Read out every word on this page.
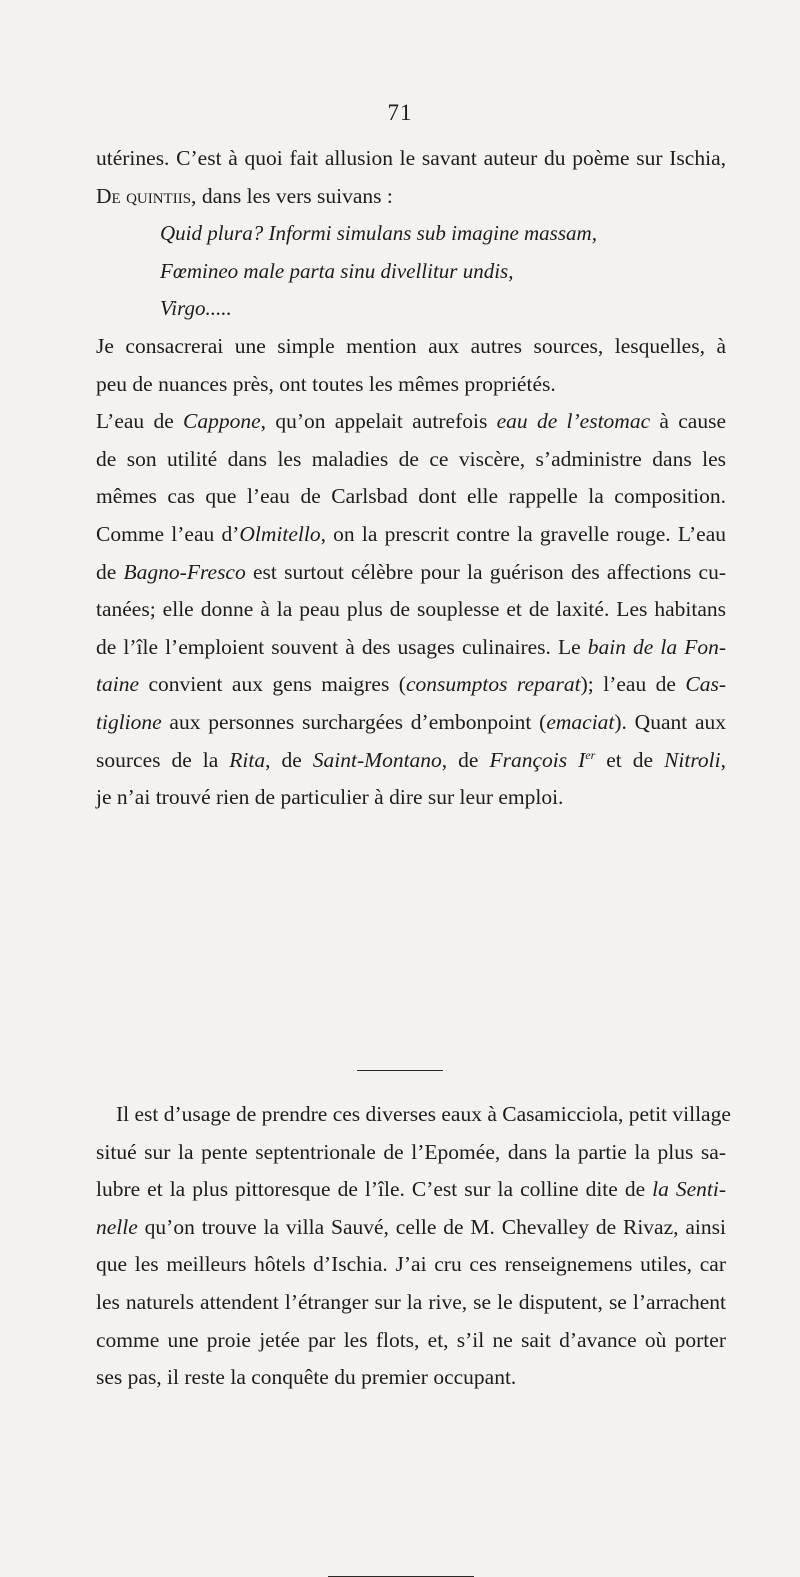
71
utérines. C’est à quoi fait allusion le savant auteur du poème sur Ischia,
De quintiis, dans les vers suivans :
Quid plura? Informi simulans sub imagine massam,
Fœmineo male parta sinu divellitur undis,
Virgo.....
Je consacrerai une simple mention aux autres sources, lesquelles, à
peu de nuances près, ont toutes les mêmes propriétés.
L’eau de Cappone, qu’on appelait autrefois eau de l’estomac à cause
de son utilité dans les maladies de ce viscère, s’administre dans les
mêmes cas que l’eau de Carlsbad dont elle rappelle la composition.
Comme l’eau d’Olmitello, on la prescrit contre la gravelle rouge. L’eau
de Bagno-Fresco est surtout célèbre pour la guérison des affections cu-
tanées; elle donne à la peau plus de souplesse et de laxité. Les habitans
de l’île l’emploient souvent à des usages culinaires. Le bain de la Fon-
taine convient aux gens maigres (consumptos reparat); l’eau de Cas-
tiglione aux personnes surchargées d’embonpoint (emaciat). Quant aux
sources de la Rita, de Saint-Montano, de François Ier et de Nitroli,
je n’ai trouvé rien de particulier à dire sur leur emploi.
Il est d’usage de prendre ces diverses eaux à Casamicciola, petit village
situé sur la pente septentrionale de l’Epomée, dans la partie la plus sa-
lubre et la plus pittoresque de l’île. C’est sur la colline dite de la Senti-
nelle qu’on trouve la villa Sauvé, celle de M. Chevalley de Rivaz, ainsi
que les meilleurs hôtels d’Ischia. J’ai cru ces renseignemens utiles, car
les naturels attendent l’étranger sur la rive, se le disputent, se l’arrachent
comme une proie jetée par les flots, et, s’il ne sait d’avance où porter
ses pas, il reste la conquête du premier occupant.
